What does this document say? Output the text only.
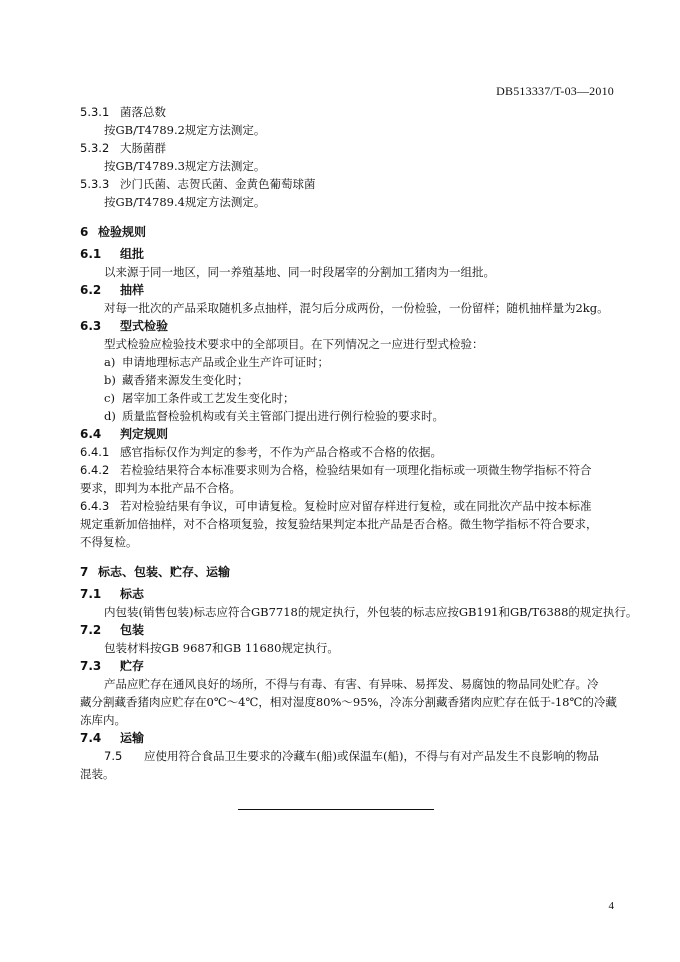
DB513337/T-03—2010
5.3.1 菌落总数
按GB/T4789.2规定方法测定。
5.3.2 大肠菌群
按GB/T4789.3规定方法测定。
5.3.3 沙门氏菌、志贺氏菌、金黄色葡萄球菌
按GB/T4789.4规定方法测定。
6 检验规则
6.1 组批
以来源于同一地区，同一养殖基地、同一时段屠宰的分割加工猪肉为一组批。
6.2 抽样
对每一批次的产品采取随机多点抽样，混匀后分成两份，一份检验，一份留样；随机抽样量为2kg。
6.3 型式检验
型式检验应检验技术要求中的全部项目。在下列情况之一应进行型式检验：
a) 申请地理标志产品或企业生产许可证时；
b) 藏香猪来源发生变化时；
c) 屠宰加工条件或工艺发生变化时；
d) 质量监督检验机构或有关主管部门提出进行例行检验的要求时。
6.4 判定规则
6.4.1 感官指标仅作为判定的参考，不作为产品合格或不合格的依据。
6.4.2 若检验结果符合本标准要求则为合格，检验结果如有一项理化指标或一项微生物学指标不符合
要求，即判为本批产品不合格。
6.4.3 若对检验结果有争议，可申请复检。复检时应对留存样进行复检，或在同批次产品中按本标准
规定重新加倍抽样，对不合格项复验，按复验结果判定本批产品是否合格。微生物学指标不符合要求，
不得复检。
7 标志、包装、贮存、运输
7.1 标志
内包装(销售包装)标志应符合GB7718的规定执行，外包装的标志应按GB191和GB/T6388的规定执行。
7.2 包装
包装材料按GB 9687和GB 11680规定执行。
7.3 贮存
产品应贮存在通风良好的场所，不得与有毒、有害、有异味、易挥发、易腐蚀的物品同处贮存。冷
藏分割藏香猪肉应贮存在0℃～4℃，相对湿度80%～95%，冷冻分割藏香猪肉应贮存在低于-18℃的冷藏
冻库内。
7.4 运输
7.5 应使用符合食品卫生要求的冷藏车(船)或保温车(船)，不得与有对产品发生不良影响的物品
混装。
4
